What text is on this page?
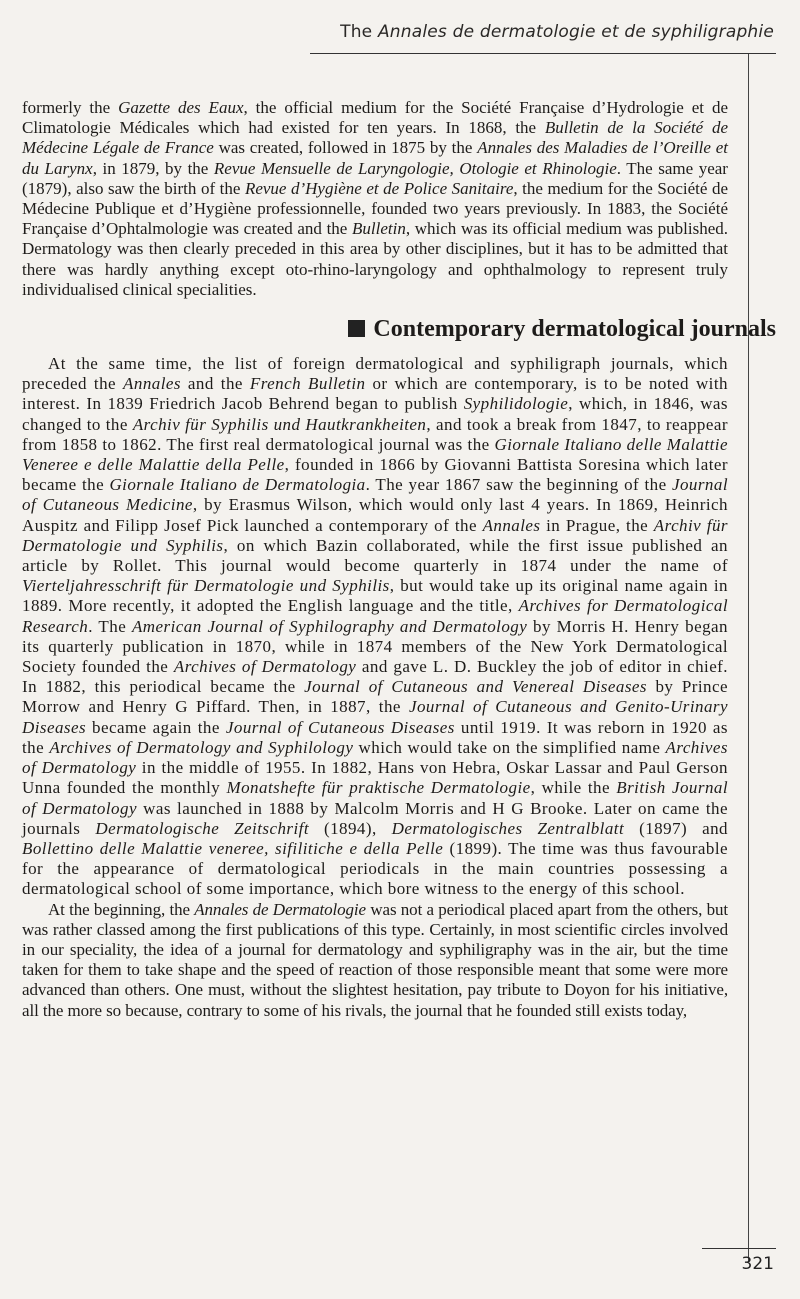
The Annales de dermatologie et de syphiligraphie

formerly the Gazette des Eaux, the official medium for the Société Française d’Hydrologie et de Climatologie Médicales which had existed for ten years. In 1868, the Bulletin de la Société de Médecine Légale de France was created, followed in 1875 by the Annales des Maladies de l’Oreille et du Larynx, in 1879, by the Revue Mensuelle de Laryngologie, Otologie et Rhinologie. The same year (1879), also saw the birth of the Revue d’Hygiène et de Police Sanitaire, the medium for the Société de Médecine Publique et d’Hygiène professionnelle, founded two years previously. In 1883, the Société Française d’Ophtalmologie was created and the Bulletin, which was its official medium was published. Dermatology was then clearly preceded in this area by other disciplines, but it has to be admitted that there was hardly anything except oto-rhino-laryngology and ophthalmology to represent truly individualised clinical specialities.

Contemporary dermatological journals

At the same time, the list of foreign dermatological and syphiligraph journals, which preceded the Annales and the French Bulletin or which are contemporary, is to be noted with interest. In 1839 Friedrich Jacob Behrend began to publish Syphilidologie, which, in 1846, was changed to the Archiv für Syphilis und Hautkrankheiten, and took a break from 1847, to reappear from 1858 to 1862. The first real dermatological journal was the Giornale Italiano delle Malattie Veneree e delle Malattie della Pelle, founded in 1866 by Giovanni Battista Soresina which later became the Giornale Italiano de Dermatologia. The year 1867 saw the beginning of the Journal of Cutaneous Medicine, by Erasmus Wilson, which would only last 4 years. In 1869, Heinrich Auspitz and Filipp Josef Pick launched a contemporary of the Annales in Prague, the Archiv für Dermatologie und Syphilis, on which Bazin collaborated, while the first issue published an article by Rollet. This journal would become quarterly in 1874 under the name of Vierteljahresschrift für Dermatologie und Syphilis, but would take up its original name again in 1889. More recently, it adopted the English language and the title, Archives for Dermatological Research. The American Journal of Syphilography and Dermatology by Morris H. Henry began its quarterly publication in 1870, while in 1874 members of the New York Dermatological Society founded the Archives of Dermatology and gave L. D. Buckley the job of editor in chief. In 1882, this periodical became the Journal of Cutaneous and Venereal Diseases by Prince Morrow and Henry G Piffard. Then, in 1887, the Journal of Cutaneous and Genito-Urinary Diseases became again the Journal of Cutaneous Diseases until 1919. It was reborn in 1920 as the Archives of Dermatology and Syphilology which would take on the simplified name Archives of Dermatology in the middle of 1955. In 1882, Hans von Hebra, Oskar Lassar and Paul Gerson Unna founded the monthly Monatshefte für praktische Dermatologie, while the British Journal of Dermatology was launched in 1888 by Malcolm Morris and H G Brooke. Later on came the journals Dermatologische Zeitschrift (1894), Dermatologisches Zentralblatt (1897) and Bollettino delle Malattie veneree, sifilitiche e della Pelle (1899). The time was thus favourable for the appearance of dermatological periodicals in the main countries possessing a dermatological school of some importance, which bore witness to the energy of this school.

At the beginning, the Annales de Dermatologie was not a periodical placed apart from the others, but was rather classed among the first publications of this type. Certainly, in most scientific circles involved in our speciality, the idea of a journal for dermatology and syphiligraphy was in the air, but the time taken for them to take shape and the speed of reaction of those responsible meant that some were more advanced than others. One must, without the slightest hesitation, pay tribute to Doyon for his initiative, all the more so because, contrary to some of his rivals, the journal that he founded still exists today,

321
